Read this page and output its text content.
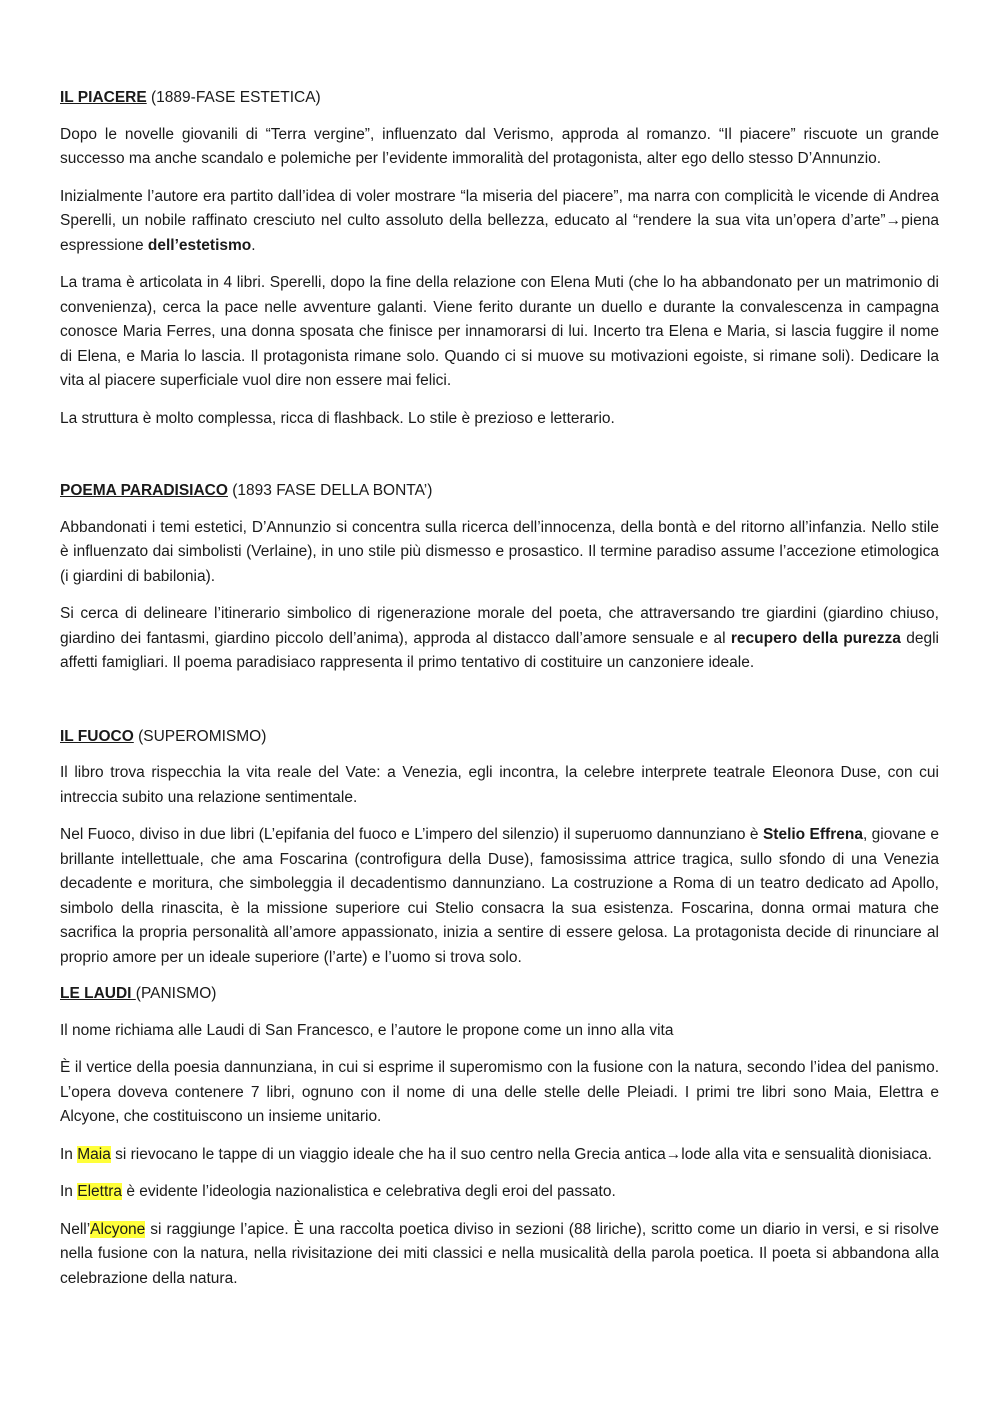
IL PIACERE (1889-FASE ESTETICA)

Dopo le novelle giovanili di “Terra vergine”, influenzato dal Verismo, approda al romanzo. “Il piacere” riscuote un grande successo ma anche scandalo e polemiche per l’evidente immoralità del protagonista, alter ego dello stesso D’Annunzio.

Inizialmente l’autore era partito dall’idea di voler mostrare “la miseria del piacere”, ma narra con complicità le vicende di Andrea Sperelli, un nobile raffinato cresciuto nel culto assoluto della bellezza, educato al “rendere la sua vita un’opera d’arte”→piena espressione dell’estetismo.

La trama è articolata in 4 libri. Sperelli, dopo la fine della relazione con Elena Muti (che lo ha abbandonato per un matrimonio di convenienza), cerca la pace nelle avventure galanti. Viene ferito durante un duello e durante la convalescenza in campagna conosce Maria Ferres, una donna sposata che finisce per innamorarsi di lui. Incerto tra Elena e Maria, si lascia fuggire il nome di Elena, e Maria lo lascia. Il protagonista rimane solo. Quando ci si muove su motivazioni egoiste, si rimane soli). Dedicare la vita al piacere superficiale vuol dire non essere mai felici.

La struttura è molto complessa, ricca di flashback. Lo stile è prezioso e letterario.

POEMA PARADISIACO (1893 FASE DELLA BONTA’)

Abbandonati i temi estetici, D’Annunzio si concentra sulla ricerca dell’innocenza, della bontà e del ritorno all’infanzia. Nello stile è influenzato dai simbolisti (Verlaine), in uno stile più dismesso e prosastico. Il termine paradiso assume l’accezione etimologica (i giardini di babilonia).

Si cerca di delineare l’itinerario simbolico di rigenerazione morale del poeta, che attraversando tre giardini (giardino chiuso, giardino dei fantasmi, giardino piccolo dell’anima), approda al distacco dall’amore sensuale e al recupero della purezza degli affetti famigliari. Il poema paradisiaco rappresenta il primo tentativo di costituire un canzoniere ideale.

IL FUOCO (SUPEROMISMO)

Il libro trova rispecchia la vita reale del Vate: a Venezia, egli incontra, la celebre interprete teatrale Eleonora Duse, con cui intreccia subito una relazione sentimentale.

Nel Fuoco, diviso in due libri (L’epifania del fuoco e L’impero del silenzio) il superuomo dannunziano è Stelio Effrena, giovane e brillante intellettuale, che ama Foscarina (controfigura della Duse), famosissima attrice tragica, sullo sfondo di una Venezia decadente e moritura, che simboleggia il decadentismo dannunziano. La costruzione a Roma di un teatro dedicato ad Apollo, simbolo della rinascita, è la missione superiore cui Stelio consacra la sua esistenza. Foscarina, donna ormai matura che sacrifica la propria personalità all’amore appassionato, inizia a sentire di essere gelosa. La protagonista decide di rinunciare al proprio amore per un ideale superiore (l’arte) e l’uomo si trova solo.

LE LAUDI (PANISMO)

Il nome richiama alle Laudi di San Francesco, e l’autore le propone come un inno alla vita

È il vertice della poesia dannunziana, in cui si esprime il superomismo con la fusione con la natura, secondo l’idea del panismo. L’opera doveva contenere 7 libri, ognuno con il nome di una delle stelle delle Pleiadi. I primi tre libri sono Maia, Elettra e Alcyone, che costituiscono un insieme unitario.

In Maia si rievocano le tappe di un viaggio ideale che ha il suo centro nella Grecia antica→lode alla vita e sensualità dionisiaca.

In Elettra è evidente l’ideologia nazionalistica e celebrativa degli eroi del passato.

Nell’Alcyone si raggiunge l’apice. È una raccolta poetica diviso in sezioni (88 liriche), scritto come un diario in versi, e si risolve nella fusione con la natura, nella rivisitazione dei miti classici e nella musicalità della parola poetica. Il poeta si abbandona alla celebrazione della natura.
